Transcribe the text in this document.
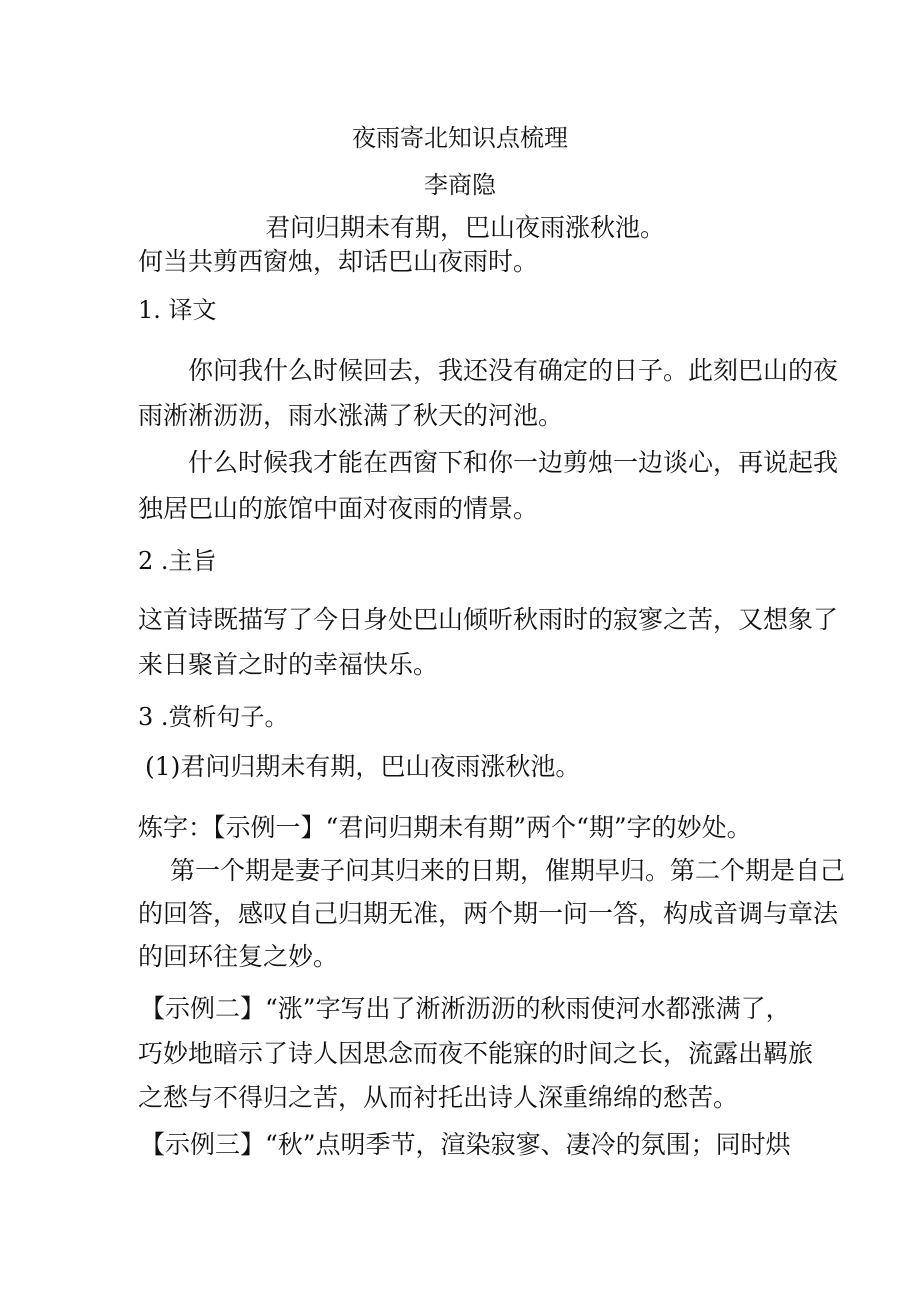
夜雨寄北知识点梳理
李商隐
君问归期未有期，巴山夜雨涨秋池。
何当共剪西窗烛，却话巴山夜雨时。
1. 译文
你问我什么时候回去，我还没有确定的日子。此刻巴山的夜
雨淅淅沥沥，雨水涨满了秋天的河池。
什么时候我才能在西窗下和你一边剪烛一边谈心，再说起我
独居巴山的旅馆中面对夜雨的情景。
2 .主旨
这首诗既描写了今日身处巴山倾听秋雨时的寂寥之苦，又想象了
来日聚首之时的幸福快乐。
3 .赏析句子。
(1)君问归期未有期，巴山夜雨涨秋池。
炼字：【示例一】“君问归期未有期”两个“期”字的妙处。
第一个期是妻子问其归来的日期，催期早归。第二个期是自己
的回答，感叹自己归期无准，两个期一问一答，构成音调与章法
的回环往复之妙。
【示例二】“涨”字写出了淅淅沥沥的秋雨使河水都涨满了，
巧妙地暗示了诗人因思念而夜不能寐的时间之长，流露出羁旅
之愁与不得归之苦，从而衬托出诗人深重绵绵的愁苦。
【示例三】“秋”点明季节，渲染寂寥、凄冷的氛围；同时烘
